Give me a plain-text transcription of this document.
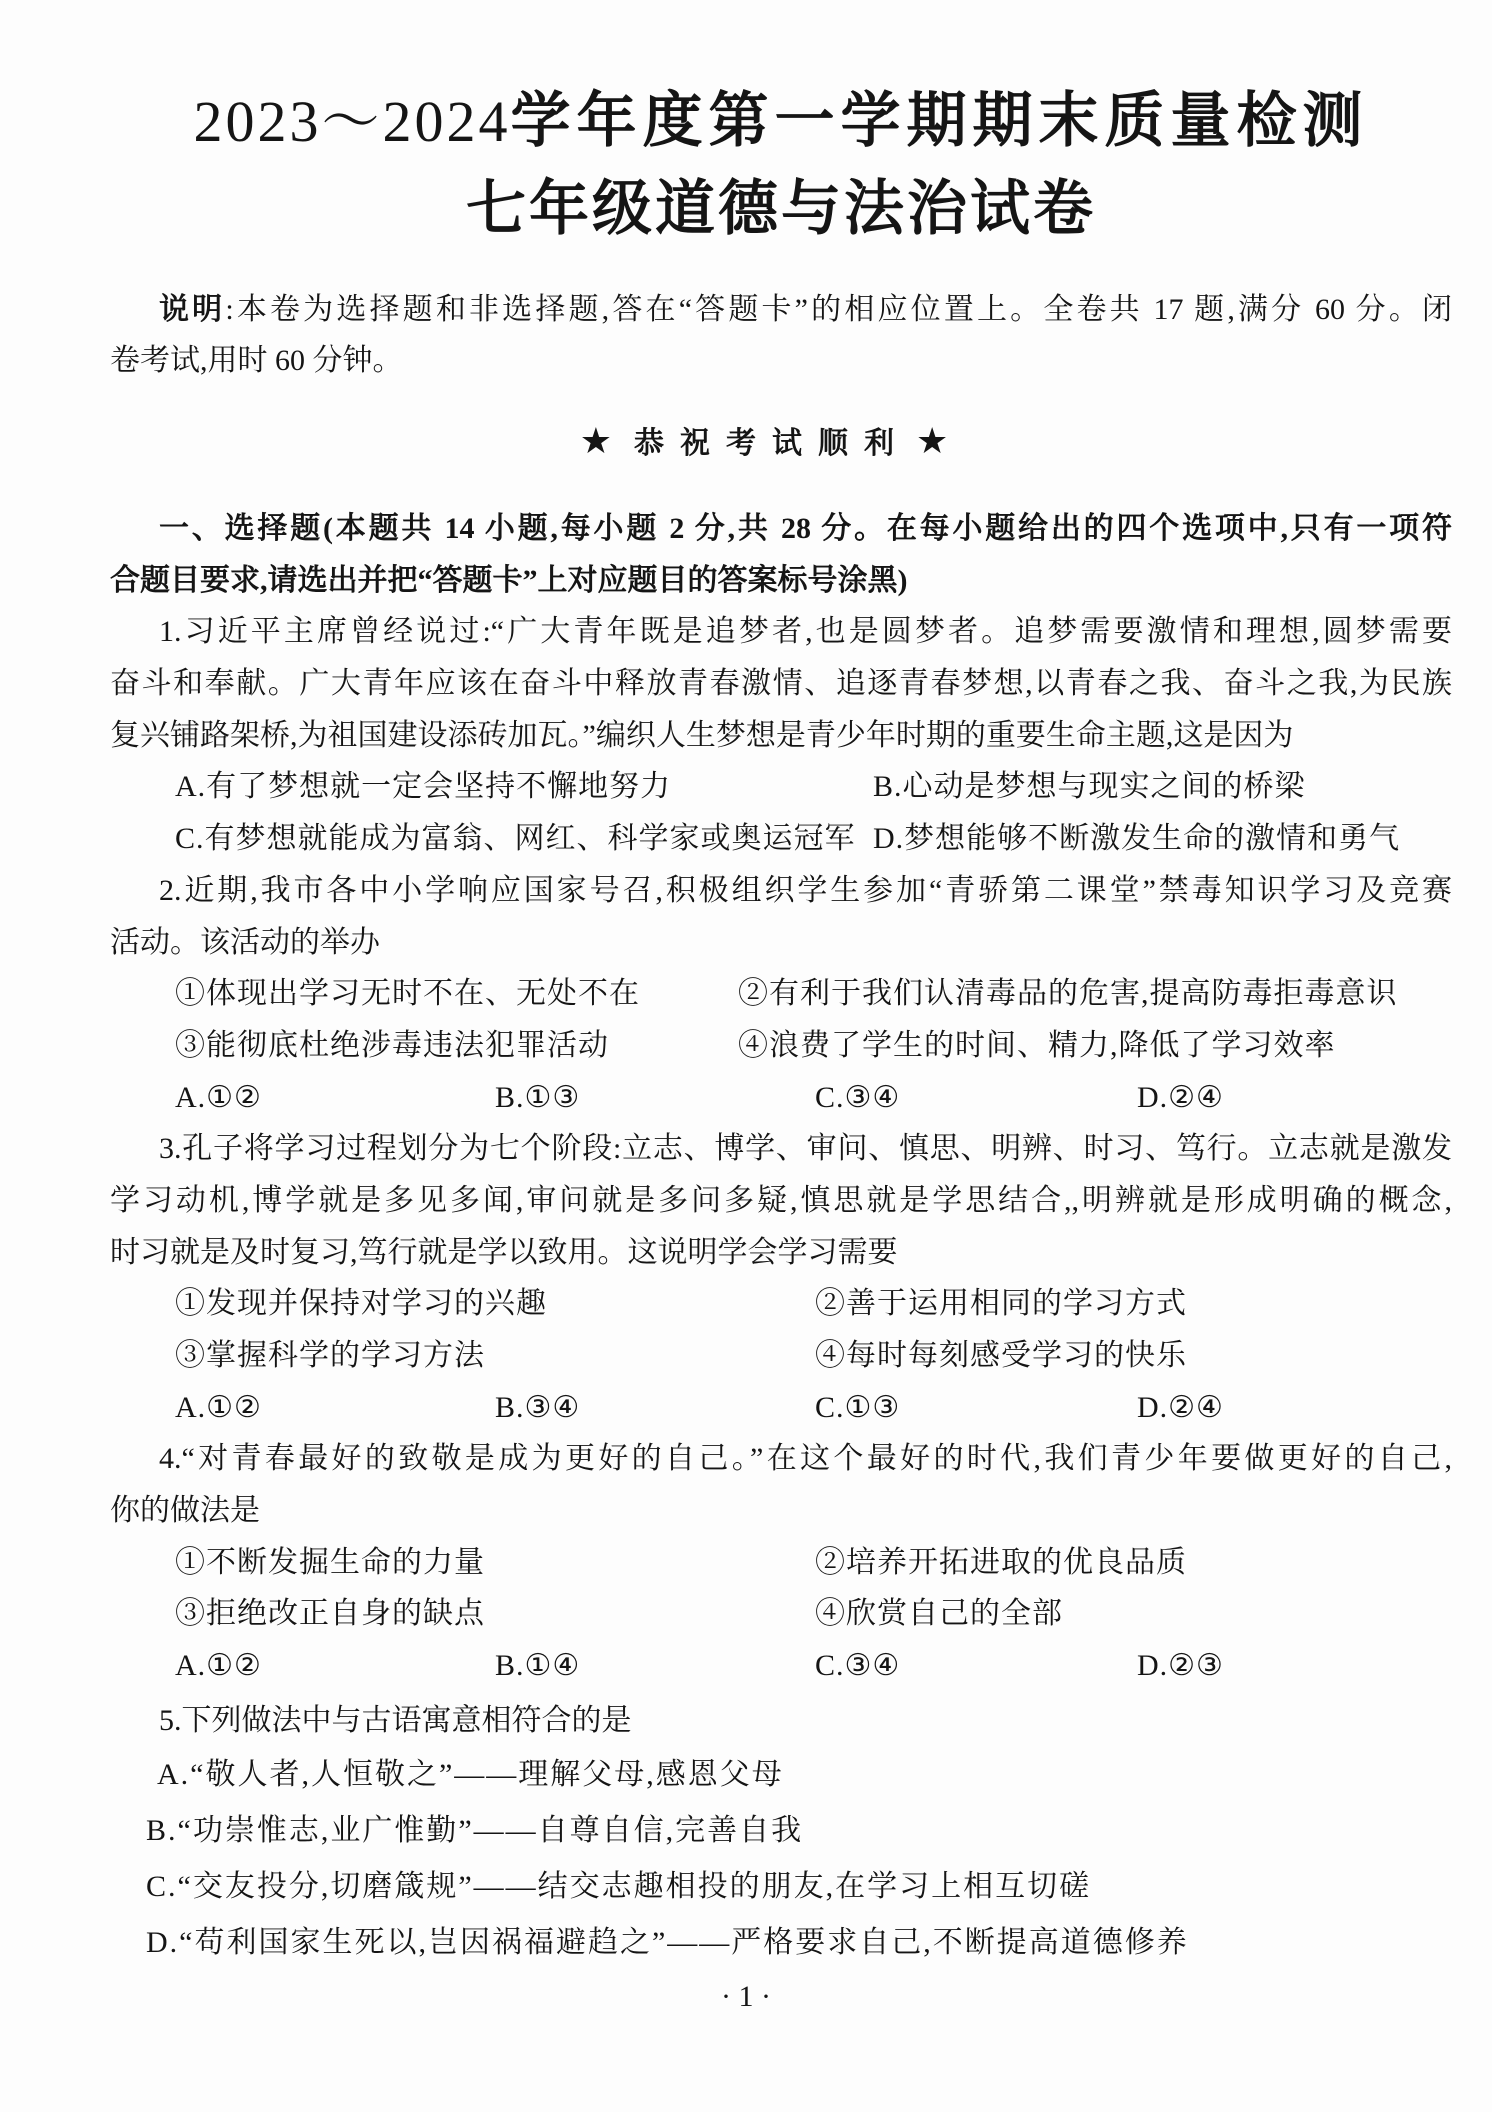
2023～2024学年度第一学期期末质量检测
七年级道德与法治试卷
说明:本卷为选择题和非选择题,答在“答题卡”的相应位置上。全卷共 17 题,满分 60 分。闭
卷考试,用时 60 分钟。
★ 恭祝考试顺利 ★
一、选择题(本题共 14 小题,每小题 2 分,共 28 分。在每小题给出的四个选项中,只有一项符
合题目要求,请选出并把“答题卡”上对应题目的答案标号涂黑)
1.习近平主席曾经说过:“广大青年既是追梦者,也是圆梦者。追梦需要激情和理想,圆梦需要
奋斗和奉献。广大青年应该在奋斗中释放青春激情、追逐青春梦想,以青春之我、奋斗之我,为民族
复兴铺路架桥,为祖国建设添砖加瓦。”编织人生梦想是青少年时期的重要生命主题,这是因为
A.有了梦想就一定会坚持不懈地努力	B.心动是梦想与现实之间的桥梁
C.有梦想就能成为富翁、网红、科学家或奥运冠军 D.梦想能够不断激发生命的激情和勇气
2.近期,我市各中小学响应国家号召,积极组织学生参加“青骄第二课堂”禁毒知识学习及竞赛
活动。该活动的举办
①体现出学习无时不在、无处不在	②有利于我们认清毒品的危害,提高防毒拒毒意识
③能彻底杜绝涉毒违法犯罪活动	④浪费了学生的时间、精力,降低了学习效率
A.①②	B.①③	C.③④	D.②④
3.孔子将学习过程划分为七个阶段:立志、博学、审问、慎思、明辨、时习、笃行。立志就是激发
学习动机,博学就是多见多闻,审问就是多问多疑,慎思就是学思结合,,明辨就是形成明确的概念,
时习就是及时复习,笃行就是学以致用。这说明学会学习需要
①发现并保持对学习的兴趣	②善于运用相同的学习方式
③掌握科学的学习方法	④每时每刻感受学习的快乐
A.①②	B.③④	C.①③	D.②④
4.“对青春最好的致敬是成为更好的自己。”在这个最好的时代,我们青少年要做更好的自己,
你的做法是
①不断发掘生命的力量	②培养开拓进取的优良品质
③拒绝改正自身的缺点	④欣赏自己的全部
A.①②	B.①④	C.③④	D.②③
5.下列做法中与古语寓意相符合的是
A.“敬人者,人恒敬之”——理解父母,感恩父母
B.“功崇惟志,业广惟勤”——自尊自信,完善自我
C.“交友投分,切磨箴规”——结交志趣相投的朋友,在学习上相互切磋
D.“苟利国家生死以,岂因祸福避趋之”——严格要求自己,不断提高道德修养
· 1 ·
